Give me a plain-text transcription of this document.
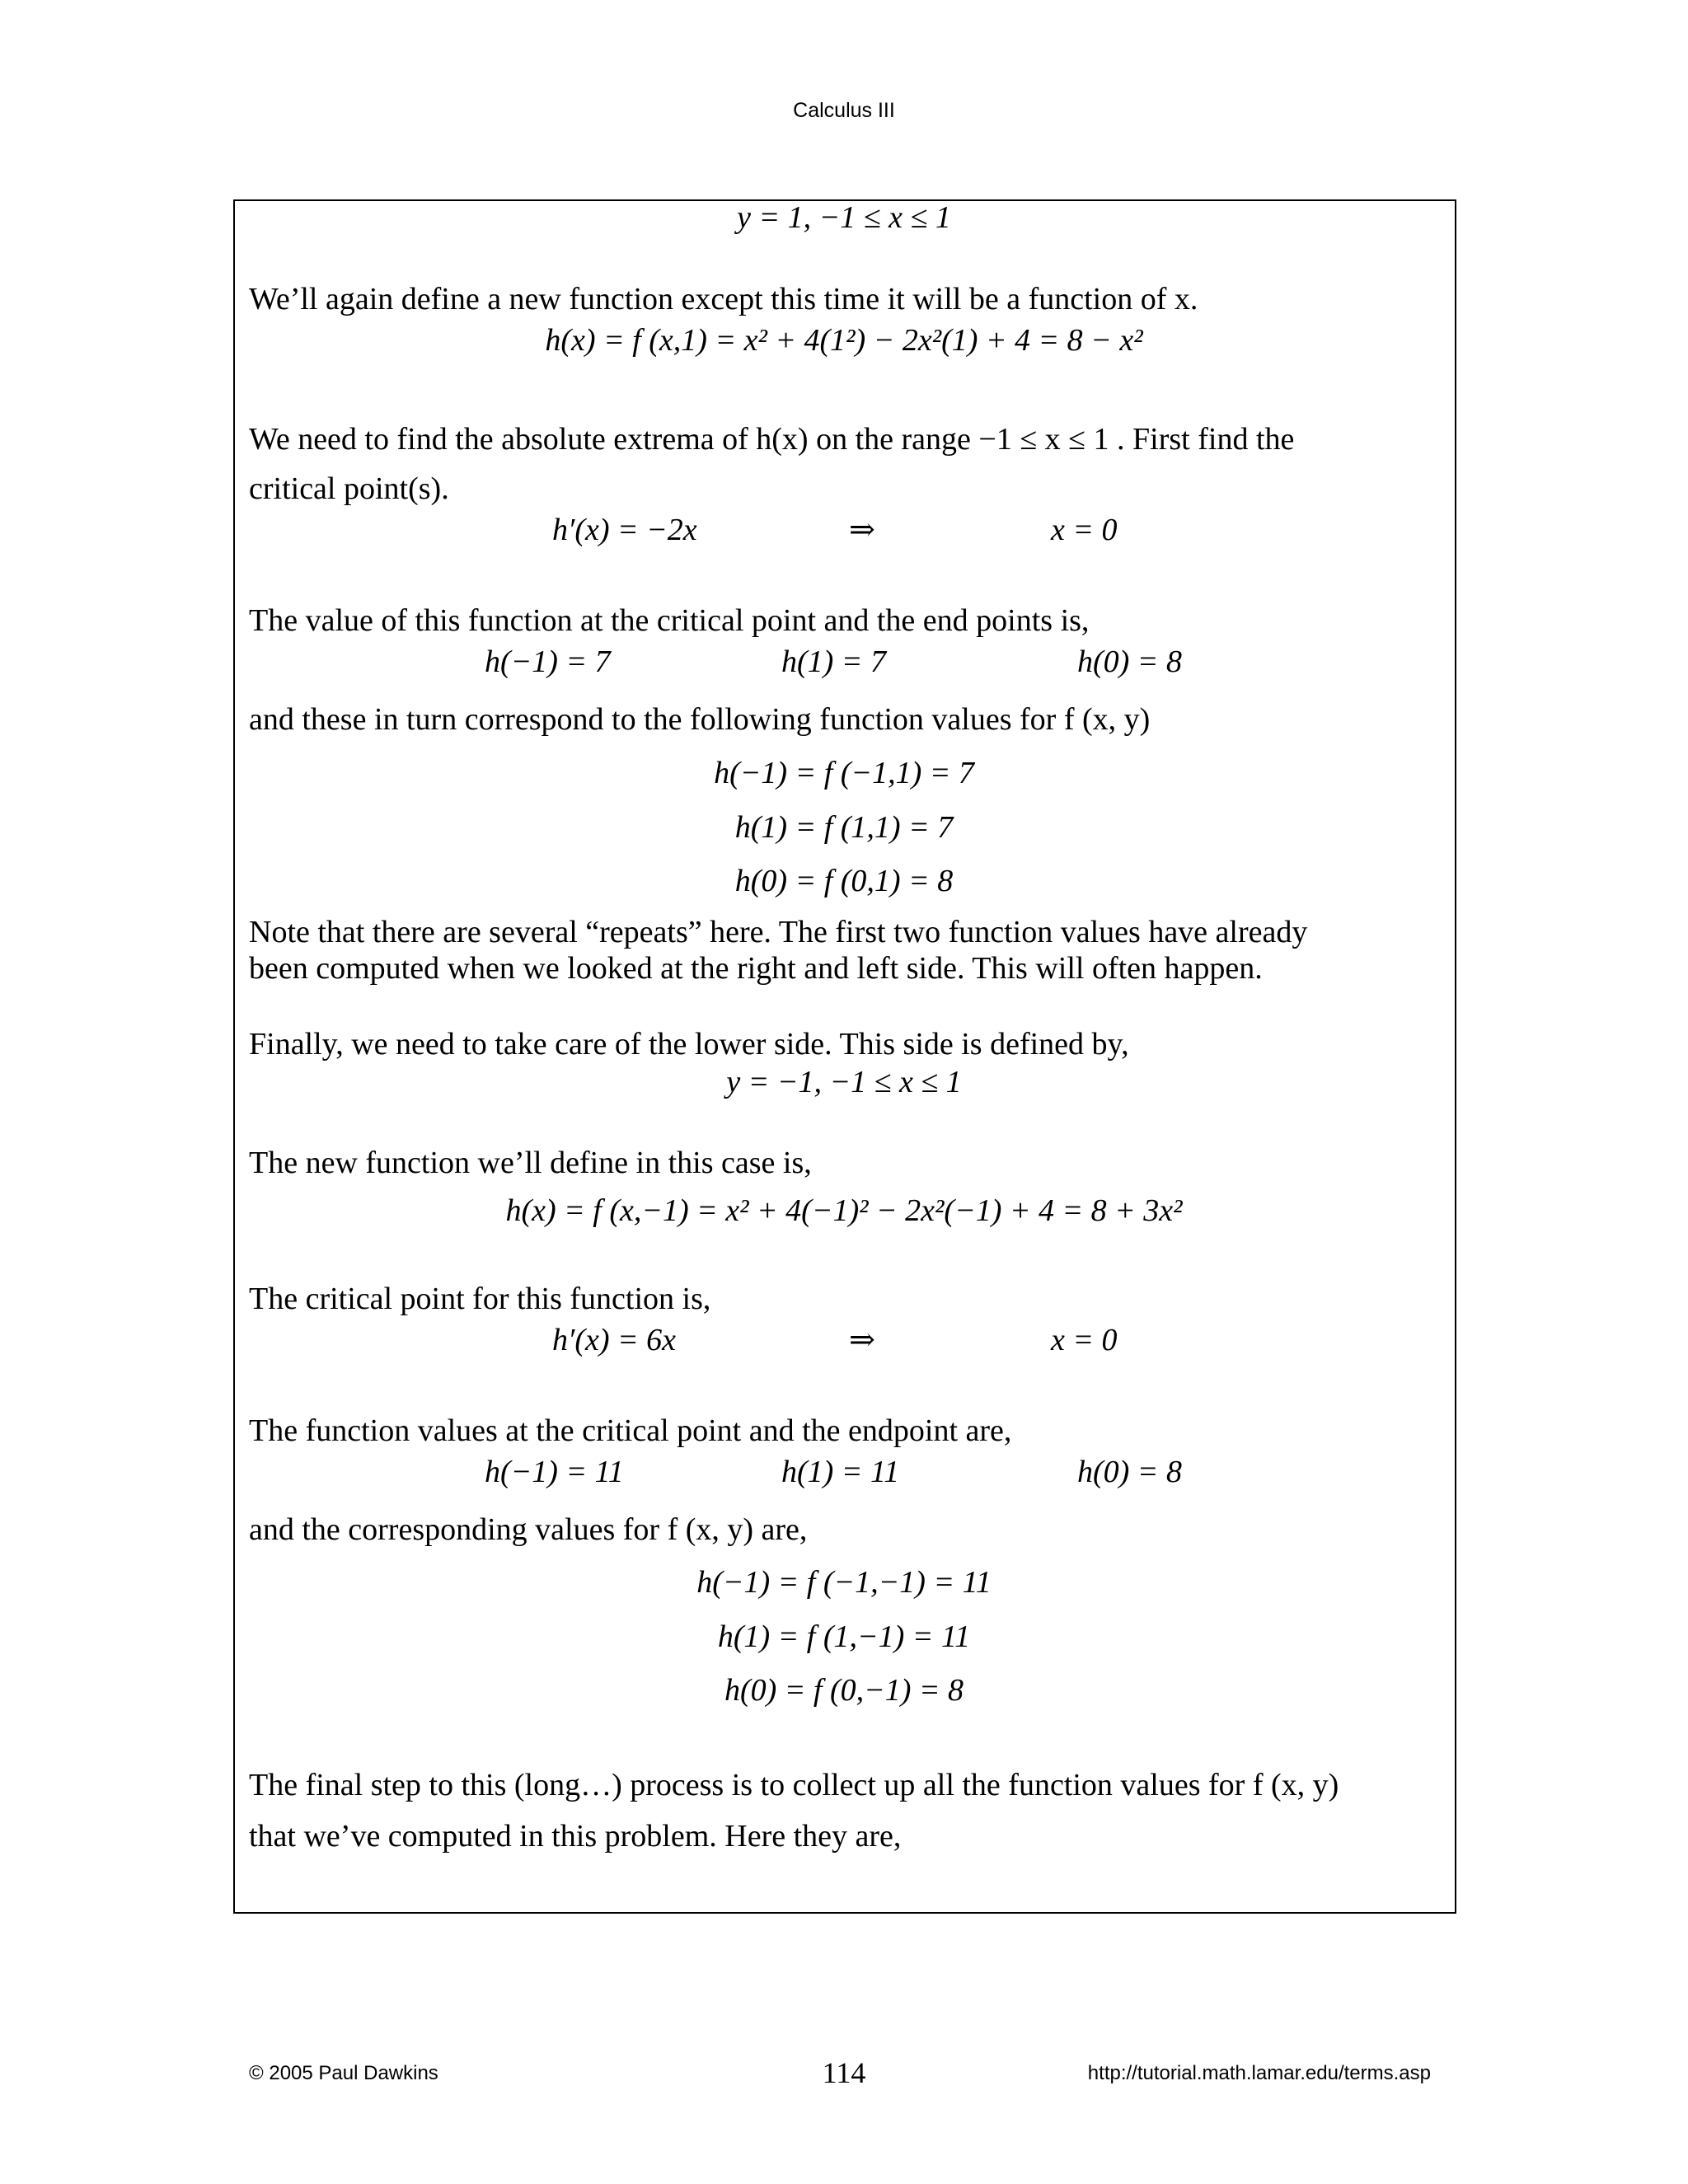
Calculus III
y = 1, −1 ≤ x ≤ 1
We’ll again define a new function except this time it will be a function of x.
h(x) = f (x,1) = x² + 4(1²) − 2x²(1) + 4 = 8 − x²
We need to find the absolute extrema of h(x) on the range −1 ≤ x ≤ 1 . First find the
critical point(s).
h′(x) = −2x	⇒	x = 0
The value of this function at the critical point and the end points is,
h(−1) = 7	h(1) = 7	h(0) = 8
and these in turn correspond to the following function values for f (x, y)
h(−1) = f (−1,1) = 7
h(1) = f (1,1) = 7
h(0) = f (0,1) = 8
Note that there are several “repeats” here. The first two function values have already
been computed when we looked at the right and left side. This will often happen.
Finally, we need to take care of the lower side. This side is defined by,
y = −1, −1 ≤ x ≤ 1
The new function we’ll define in this case is,
h(x) = f (x,−1) = x² + 4(−1)² − 2x²(−1) + 4 = 8 + 3x²
The critical point for this function is,
h′(x) = 6x	⇒	x = 0
The function values at the critical point and the endpoint are,
h(−1) = 11	h(1) = 11	h(0) = 8
and the corresponding values for f (x, y) are,
h(−1) = f (−1,−1) = 11
h(1) = f (1,−1) = 11
h(0) = f (0,−1) = 8
The final step to this (long…) process is to collect up all the function values for f (x, y)
that we’ve computed in this problem. Here they are,
© 2005 Paul Dawkins	114	http://tutorial.math.lamar.edu/terms.asp
